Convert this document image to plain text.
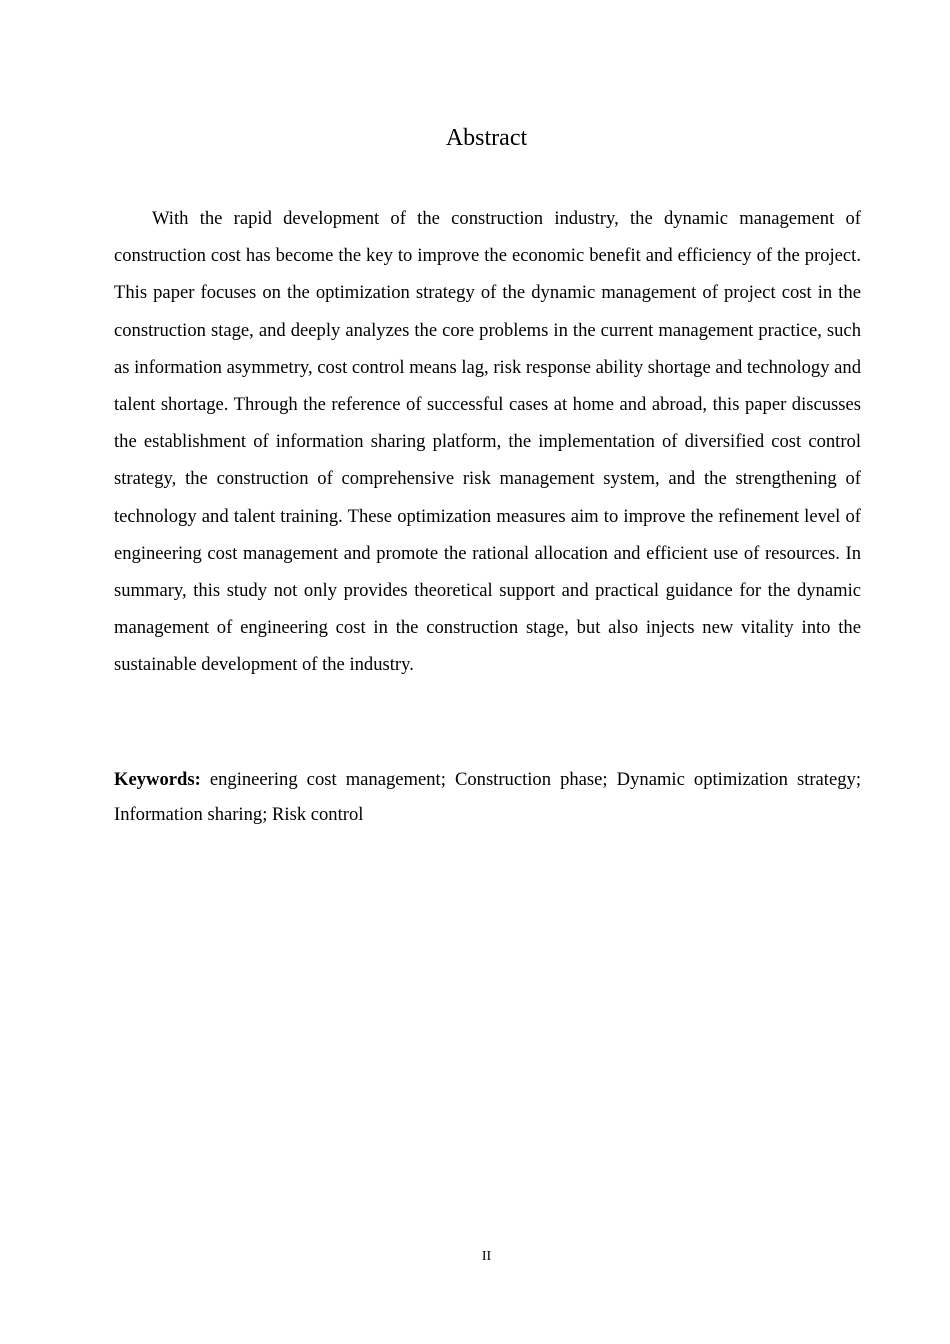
Abstract

With the rapid development of the construction industry, the dynamic management of construction cost has become the key to improve the economic benefit and efficiency of the project. This paper focuses on the optimization strategy of the dynamic management of project cost in the construction stage, and deeply analyzes the core problems in the current management practice, such as information asymmetry, cost control means lag, risk response ability shortage and technology and talent shortage. Through the reference of successful cases at home and abroad, this paper discusses the establishment of information sharing platform, the implementation of diversified cost control strategy, the construction of comprehensive risk management system, and the strengthening of technology and talent training. These optimization measures aim to improve the refinement level of engineering cost management and promote the rational allocation and efficient use of resources. In summary, this study not only provides theoretical support and practical guidance for the dynamic management of engineering cost in the construction stage, but also injects new vitality into the sustainable development of the industry.

Keywords: engineering cost management; Construction phase; Dynamic optimization strategy; Information sharing; Risk control

II
